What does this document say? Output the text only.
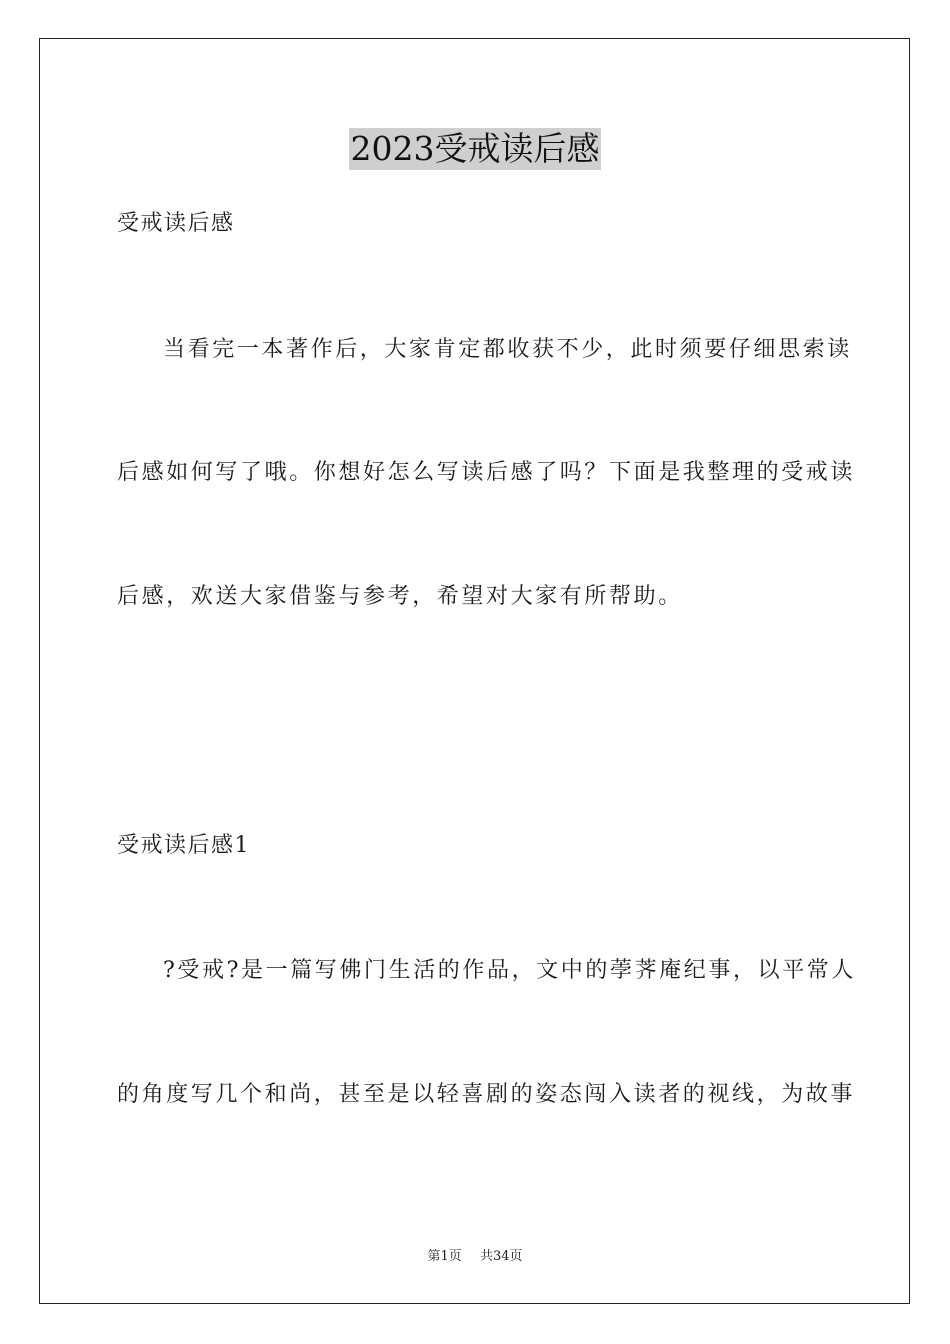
2023受戒读后感

受戒读后感

当看完一本著作后，大家肯定都收获不少，此时须要仔细思索读

后感如何写了哦。你想好怎么写读后感了吗？下面是我整理的受戒读

后感，欢送大家借鉴与参考，希望对大家有所帮助。

受戒读后感1

?受戒?是一篇写佛门生活的作品，文中的荸荠庵纪事，以平常人

的角度写几个和尚，甚至是以轻喜剧的姿态闯入读者的视线，为故事

第1页 共34页
